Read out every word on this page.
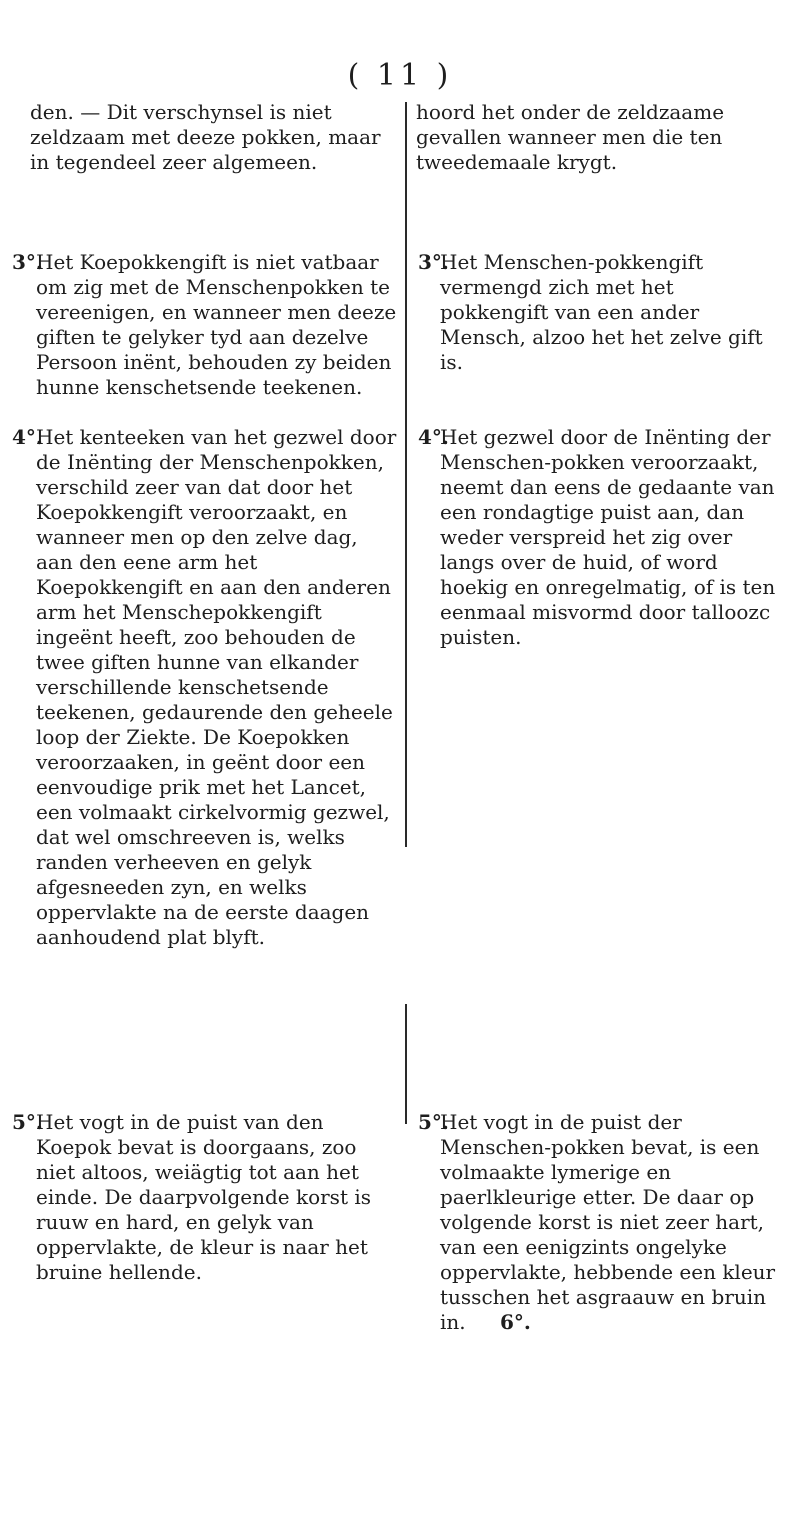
( 11 )
den. — Dit verschynsel is niet zeldzaam met deeze pokken, maar in tegendeel zeer algemeen.
3°.
Het Koepokkengift is niet vatbaar om zig met de Menschenpokken te vereenigen, en wanneer men deeze giften te gelyker tyd aan dezelve Persoon inënt, behouden zy beiden hunne kenschetsende teekenen.
4°.
Het kenteeken van het gezwel door de Inënting der Menschenpokken, verschild zeer van dat door het Koepokkengift veroorzaakt, en wanneer men op den zelve dag, aan den eene arm het Koepokkengift en aan den anderen arm het Menschepokkengift ingeënt heeft, zoo behouden de twee giften hunne van elkander verschillende kenschetsende teekenen, gedaurende den geheele loop der Ziekte. De Koepokken veroorzaaken, in geënt door een eenvoudige prik met het Lancet, een volmaakt cirkelvormig gezwel, dat wel omschreeven is, welks randen verheeven en gelyk afgesneeden zyn, en welks oppervlakte na de eerste daagen aanhoudend plat blyft.
5°.
Het vogt in de puist van den Koepok bevat is doorgaans, zoo niet altoos, weiägtig tot aan het einde. De daarpvolgende korst is ruuw en hard, en gelyk van oppervlakte, de kleur is naar het bruine hellende.
hoord het onder de zeldzaame gevallen wanneer men die ten tweedemaale krygt.
3°.
Het Menschen-pokkengift vermengd zich met het pokkengift van een ander Mensch, alzoo het het zelve gift is.
4°.
Het gezwel door de Inënting der Menschen-pokken veroorzaakt, neemt dan eens de gedaante van een rondagtige puist aan, dan weder verspreid het zig over langs over de huid, of word hoekig en onregelmatig, of is ten eenmaal misvormd door talloozc puisten.
5°.
Het vogt in de puist der Menschen-pokken bevat, is een volmaakte lymerige en paerlkleurige etter. De daar op volgende korst is niet zeer hart, van een eenigzints ongelyke oppervlakte, hebbende een kleur tusschen het asgraauw en bruin in. 6°.
